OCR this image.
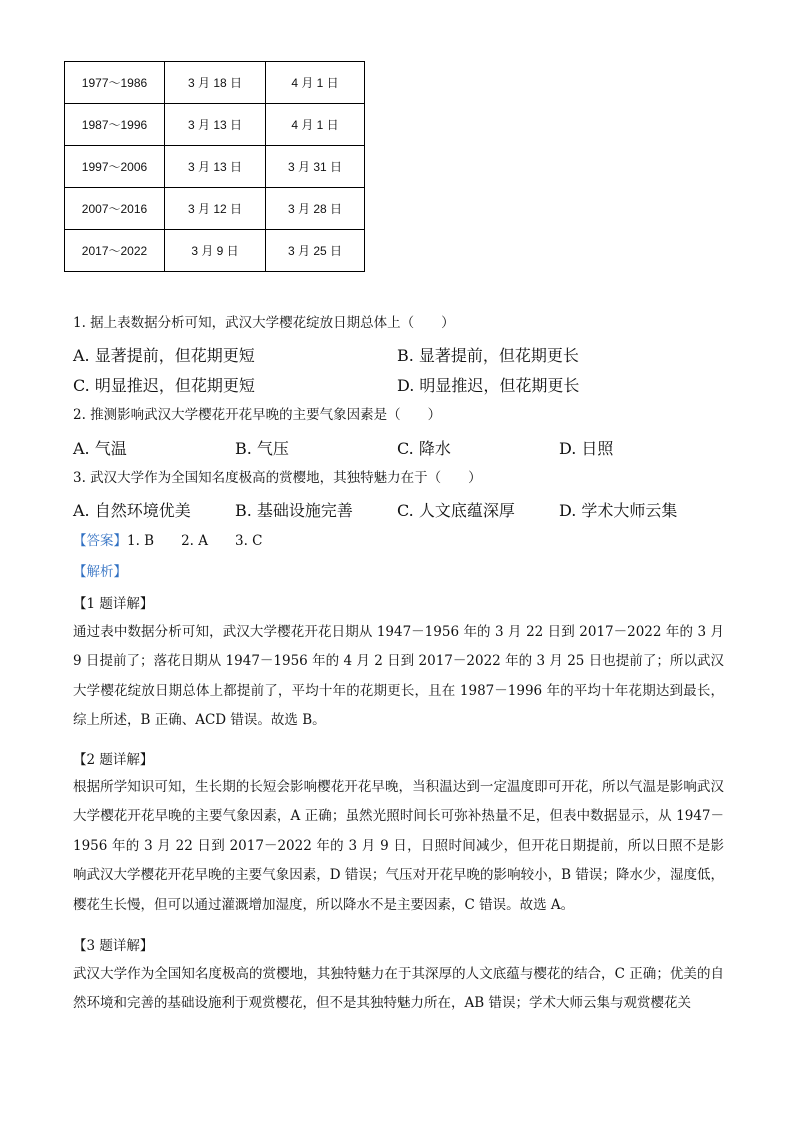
1977～1986	3 月 18 日	4 月 1 日
1987～1996	3 月 13 日	4 月 1 日
1997～2006	3 月 13 日	3 月 31 日
2007～2016	3 月 12 日	3 月 28 日
2017～2022	3 月 9 日	3 月 25 日
1. 据上表数据分析可知，武汉大学樱花绽放日期总体上（　　）
A. 显著提前，但花期更短	B. 显著提前，但花期更长
C. 明显推迟，但花期更短	D. 明显推迟，但花期更长
2. 推测影响武汉大学樱花开花早晚的主要气象因素是（　　）
A. 气温	B. 气压	C. 降水	D. 日照
3. 武汉大学作为全国知名度极高的赏樱地，其独特魅力在于（　　）
A. 自然环境优美	B. 基础设施完善	C. 人文底蕴深厚	D. 学术大师云集
【答案】1. B　　2. A　　3. C
【解析】
【1 题详解】
通过表中数据分析可知，武汉大学樱花开花日期从 1947－1956 年的 3 月 22 日到 2017－2022 年的 3 月 9 日提前了；落花日期从 1947－1956 年的 4 月 2 日到 2017－2022 年的 3 月 25 日也提前了；所以武汉大学樱花绽放日期总体上都提前了，平均十年的花期更长，且在 1987－1996 年的平均十年花期达到最长，综上所述，B 正确、ACD 错误。故选 B。
【2 题详解】
根据所学知识可知，生长期的长短会影响樱花开花早晚，当积温达到一定温度即可开花，所以气温是影响武汉大学樱花开花早晚的主要气象因素，A 正确；虽然光照时间长可弥补热量不足，但表中数据显示，从 1947－1956 年的 3 月 22 日到 2017－2022 年的 3 月 9 日，日照时间减少，但开花日期提前，所以日照不是影响武汉大学樱花开花早晚的主要气象因素，D 错误；气压对开花早晚的影响较小，B 错误；降水少，湿度低，樱花生长慢，但可以通过灌溉增加湿度，所以降水不是主要因素，C 错误。故选 A。
【3 题详解】
武汉大学作为全国知名度极高的赏樱地，其独特魅力在于其深厚的人文底蕴与樱花的结合，C 正确；优美的自然环境和完善的基础设施利于观赏樱花，但不是其独特魅力所在，AB 错误；学术大师云集与观赏樱花关
